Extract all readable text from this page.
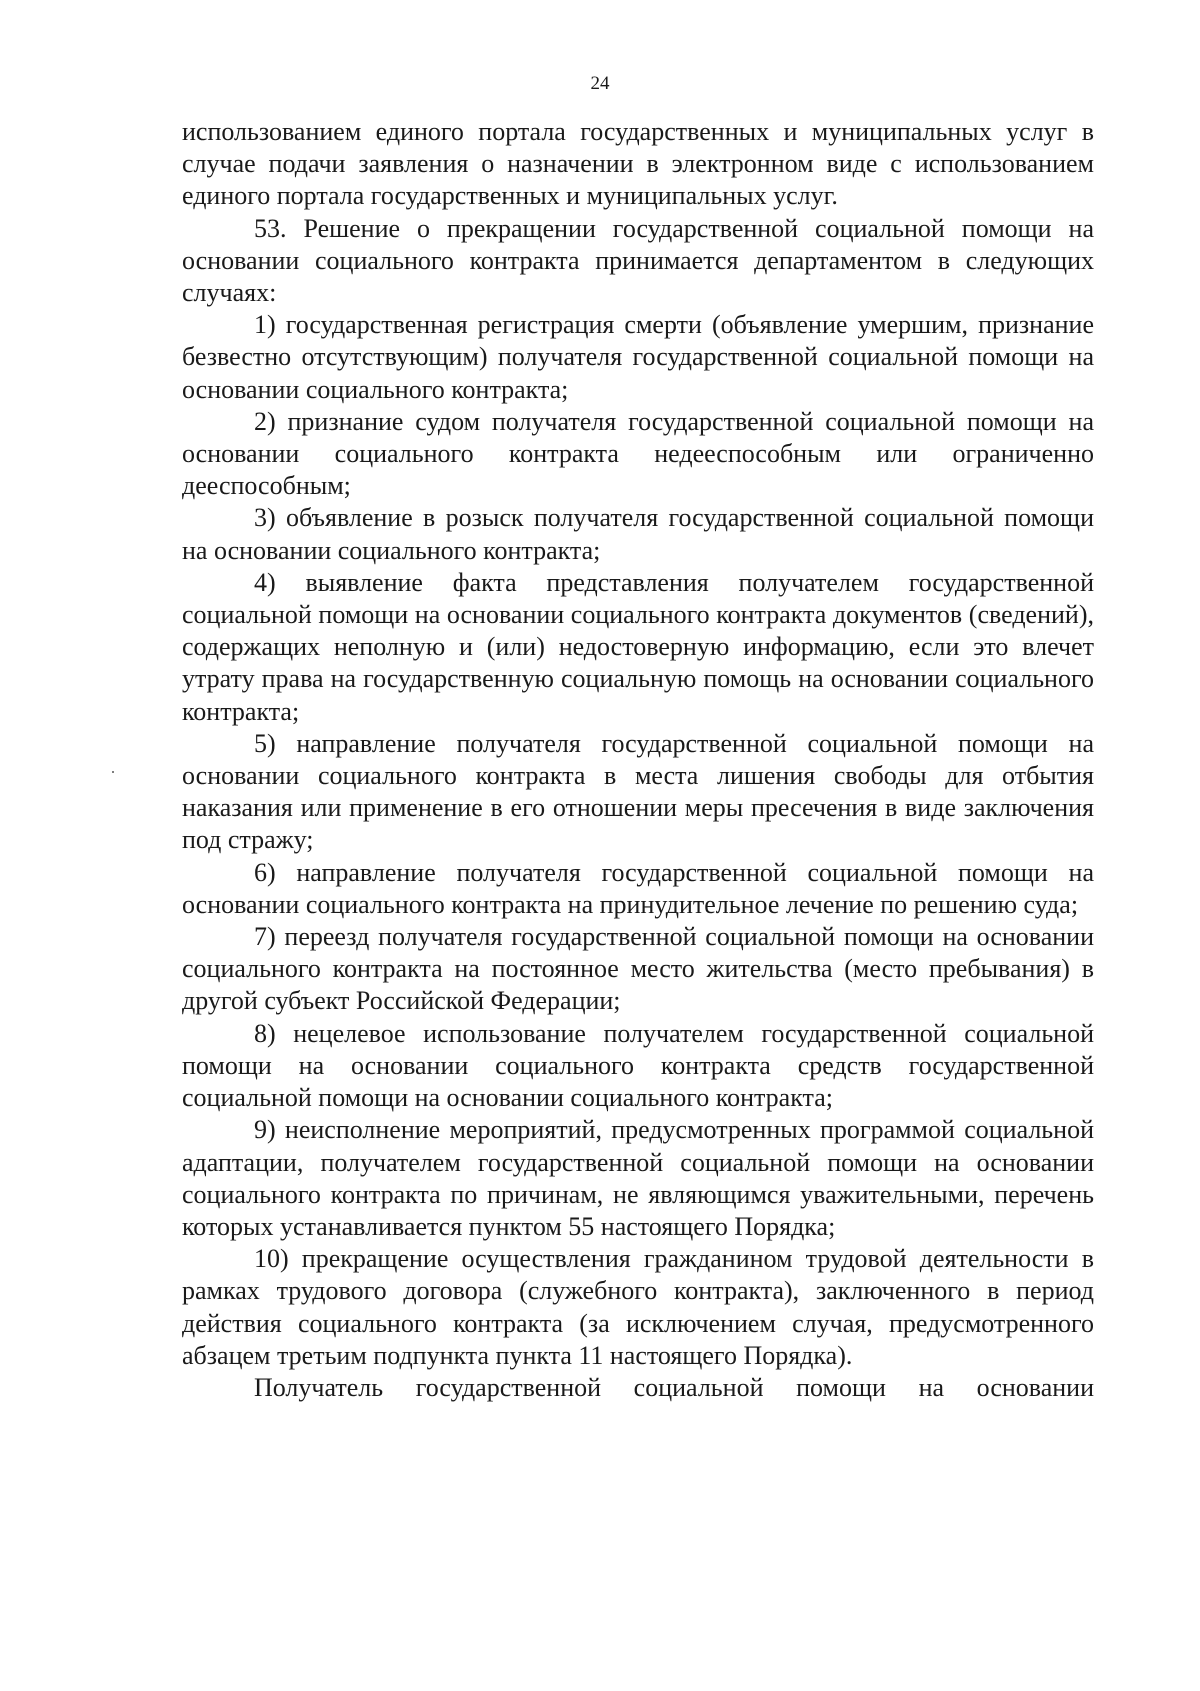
24

использованием единого портала государственных и муниципальных услуг в случае подачи заявления о назначении в электронном виде с использованием единого портала государственных и муниципальных услуг.

53. Решение о прекращении государственной социальной помощи на основании социального контракта принимается департаментом в следующих случаях:

1) государственная регистрация смерти (объявление умершим, признание безвестно отсутствующим) получателя государственной социальной помощи на основании социального контракта;

2) признание судом получателя государственной социальной помощи на основании социального контракта недееспособным или ограниченно дееспособным;

3) объявление в розыск получателя государственной социальной помощи на основании социального контракта;

4) выявление факта представления получателем государственной социальной помощи на основании социального контракта документов (сведений), содержащих неполную и (или) недостоверную информацию, если это влечет утрату права на государственную социальную помощь на основании социального контракта;

5) направление получателя государственной социальной помощи на основании социального контракта в места лишения свободы для отбытия наказания или применение в его отношении меры пресечения в виде заключения под стражу;

6) направление получателя государственной социальной помощи на основании социального контракта на принудительное лечение по решению суда;

7) переезд получателя государственной социальной помощи на основании социального контракта на постоянное место жительства (место пребывания) в другой субъект Российской Федерации;

8) нецелевое использование получателем государственной социальной помощи на основании социального контракта средств государственной социальной помощи на основании социального контракта;

9) неисполнение мероприятий, предусмотренных программой социальной адаптации, получателем государственной социальной помощи на основании социального контракта по причинам, не являющимся уважительными, перечень которых устанавливается пунктом 55 настоящего Порядка;

10) прекращение осуществления гражданином трудовой деятельности в рамках трудового договора (служебного контракта), заключенного в период действия социального контракта (за исключением случая, предусмотренного абзацем третьим подпункта пункта 11 настоящего Порядка).

Получатель государственной социальной помощи на основании
